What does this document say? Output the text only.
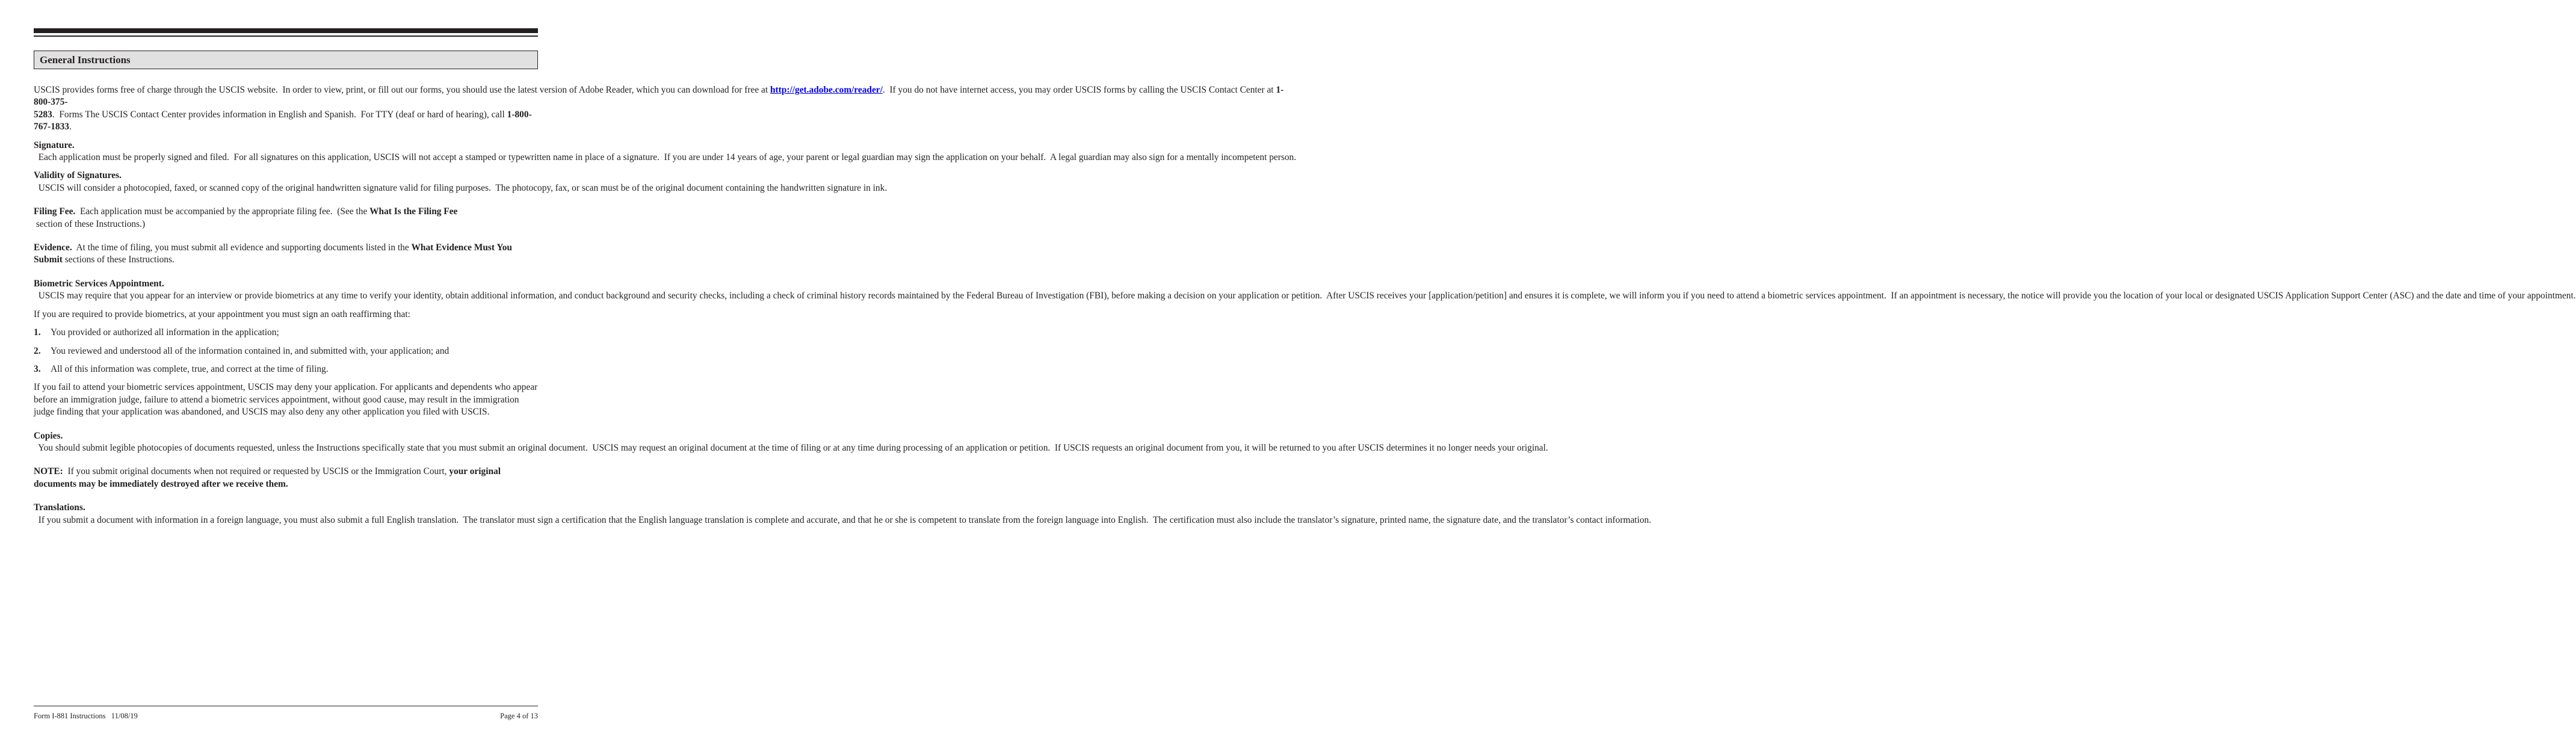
General Instructions

USCIS provides forms free of charge through the USCIS website.  In order to view, print, or fill out our forms, you should use the latest version of Adobe Reader, which you can download for free at http://get.adobe.com/reader/.  If you do not have internet access, you may order USCIS forms by calling the USCIS Contact Center at 1-800-375-5283.  Forms The USCIS Contact Center provides information in English and Spanish.  For TTY (deaf or hard of hearing), call 1-800-767-1833.

Signature.  Each application must be properly signed and filed.  For all signatures on this application, USCIS will not accept a stamped or typewritten name in place of a signature.  If you are under 14 years of age, your parent or legal guardian may sign the application on your behalf.  A legal guardian may also sign for a mentally incompetent person.

Validity of Signatures.  USCIS will consider a photocopied, faxed, or scanned copy of the original handwritten signature valid for filing purposes.  The photocopy, fax, or scan must be of the original document containing the handwritten signature in ink.

Filing Fee.  Each application must be accompanied by the appropriate filing fee.  (See the What Is the Filing Fee section of these Instructions.)

Evidence.  At the time of filing, you must submit all evidence and supporting documents listed in the What Evidence Must You Submit sections of these Instructions.

Biometric Services Appointment.  USCIS may require that you appear for an interview or provide biometrics at any time to verify your identity, obtain additional information, and conduct background and security checks, including a check of criminal history records maintained by the Federal Bureau of Investigation (FBI), before making a decision on your application or petition.  After USCIS receives your [application/petition] and ensures it is complete, we will inform you if you need to attend a biometric services appointment.  If an appointment is necessary, the notice will provide you the location of your local or designated USCIS Application Support Center (ASC) and the date and time of your appointment.

If you are required to provide biometrics, at your appointment you must sign an oath reaffirming that:

1.	You provided or authorized all information in the application;
2.	You reviewed and understood all of the information contained in, and submitted with, your application; and
3.	All of this information was complete, true, and correct at the time of filing.

If you fail to attend your biometric services appointment, USCIS may deny your application. For applicants and dependents who appear before an immigration judge, failure to attend a biometric services appointment, without good cause, may result in the immigration judge finding that your application was abandoned, and USCIS may also deny any other application you filed with USCIS.

Copies.  You should submit legible photocopies of documents requested, unless the Instructions specifically state that you must submit an original document.  USCIS may request an original document at the time of filing or at any time during processing of an application or petition.  If USCIS requests an original document from you, it will be returned to you after USCIS determines it no longer needs your original.

NOTE:  If you submit original documents when not required or requested by USCIS or the Immigration Court, your original documents may be immediately destroyed after we receive them.

Translations.  If you submit a document with information in a foreign language, you must also submit a full English translation.  The translator must sign a certification that the English language translation is complete and accurate, and that he or she is competent to translate from the foreign language into English.  The certification must also include the translator’s signature, printed name, the signature date, and the translator’s contact information.

Form I-881 Instructions   11/08/19	Page 4 of 13
